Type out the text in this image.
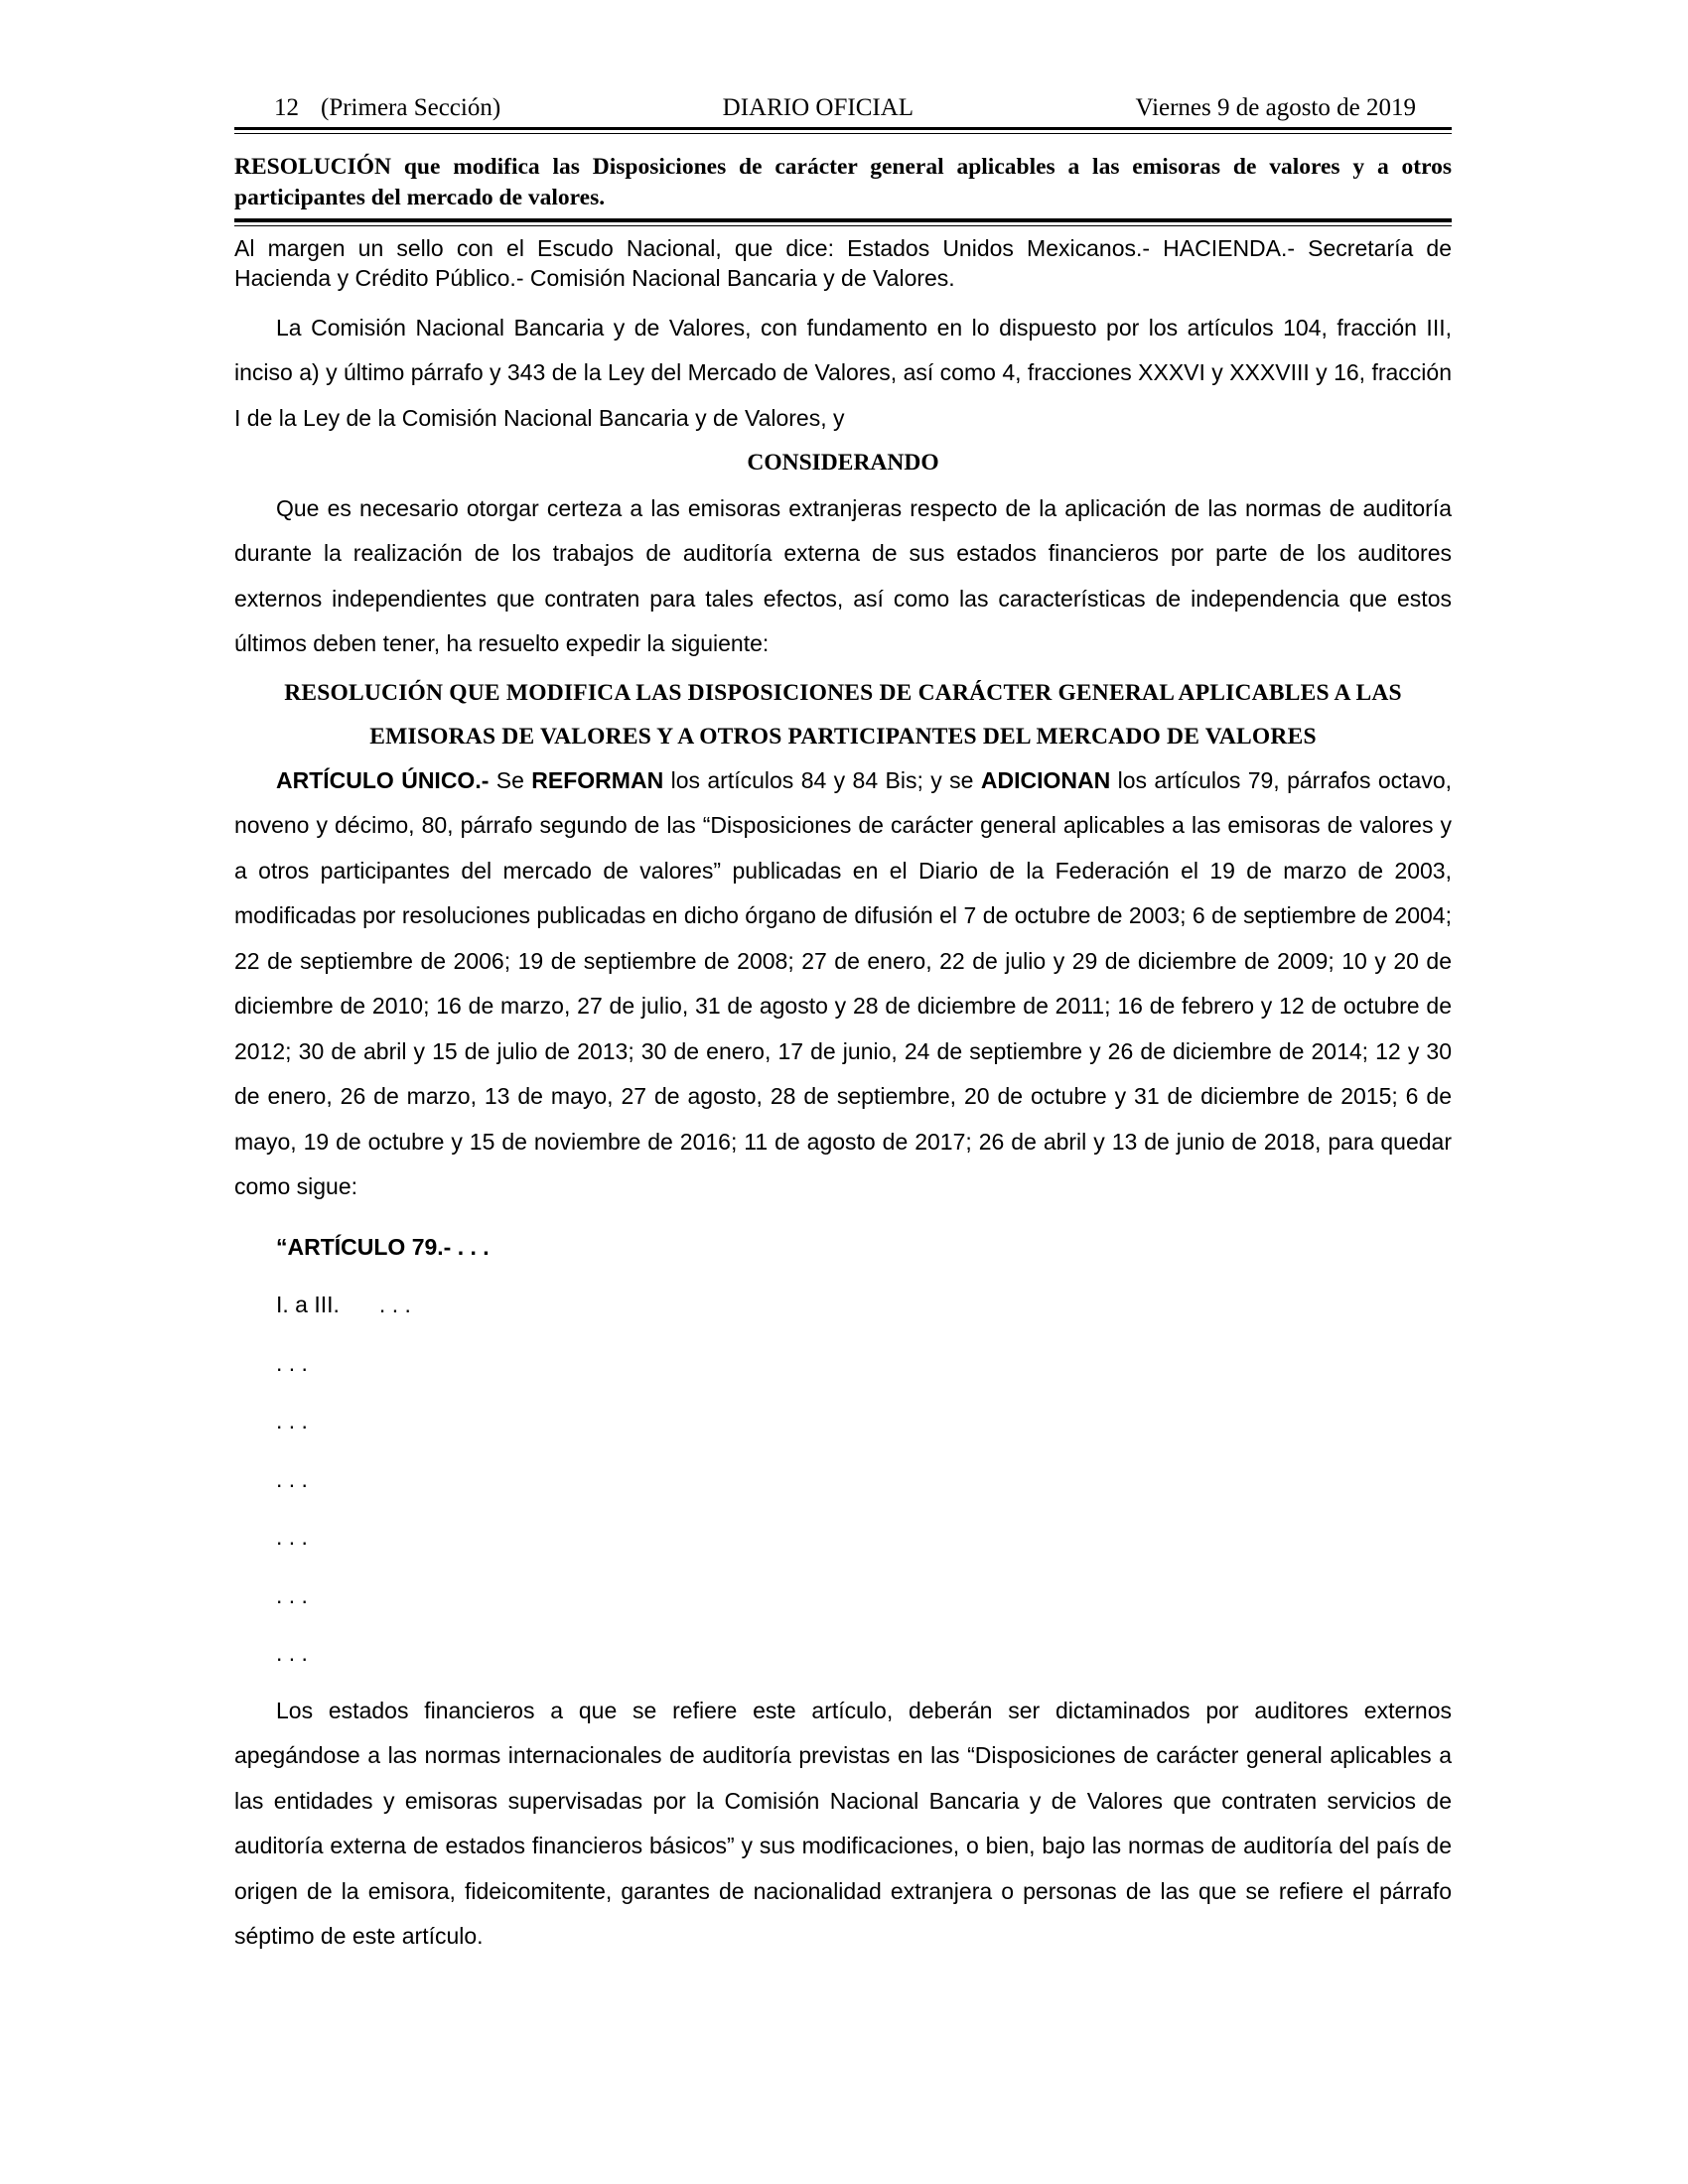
12 (Primera Sección)	DIARIO OFICIAL	Viernes 9 de agosto de 2019
RESOLUCIÓN que modifica las Disposiciones de carácter general aplicables a las emisoras de valores y a otros participantes del mercado de valores.
Al margen un sello con el Escudo Nacional, que dice: Estados Unidos Mexicanos.- HACIENDA.- Secretaría de Hacienda y Crédito Público.- Comisión Nacional Bancaria y de Valores.

La Comisión Nacional Bancaria y de Valores, con fundamento en lo dispuesto por los artículos 104, fracción III, inciso a) y último párrafo y 343 de la Ley del Mercado de Valores, así como 4, fracciones XXXVI y XXXVIII y 16, fracción I de la Ley de la Comisión Nacional Bancaria y de Valores, y

CONSIDERANDO

Que es necesario otorgar certeza a las emisoras extranjeras respecto de la aplicación de las normas de auditoría durante la realización de los trabajos de auditoría externa de sus estados financieros por parte de los auditores externos independientes que contraten para tales efectos, así como las características de independencia que estos últimos deben tener, ha resuelto expedir la siguiente:

RESOLUCIÓN QUE MODIFICA LAS DISPOSICIONES DE CARÁCTER GENERAL APLICABLES A LAS EMISORAS DE VALORES Y A OTROS PARTICIPANTES DEL MERCADO DE VALORES

ARTÍCULO ÚNICO.- Se REFORMAN los artículos 84 y 84 Bis; y se ADICIONAN los artículos 79, párrafos octavo, noveno y décimo, 80, párrafo segundo de las “Disposiciones de carácter general aplicables a las emisoras de valores y a otros participantes del mercado de valores” publicadas en el Diario de la Federación el 19 de marzo de 2003, modificadas por resoluciones publicadas en dicho órgano de difusión el 7 de octubre de 2003; 6 de septiembre de 2004; 22 de septiembre de 2006; 19 de septiembre de 2008; 27 de enero, 22 de julio y 29 de diciembre de 2009; 10 y 20 de diciembre de 2010; 16 de marzo, 27 de julio, 31 de agosto y 28 de diciembre de 2011; 16 de febrero y 12 de octubre de 2012; 30 de abril y 15 de julio de 2013; 30 de enero, 17 de junio, 24 de septiembre y 26 de diciembre de 2014; 12 y 30 de enero, 26 de marzo, 13 de mayo, 27 de agosto, 28 de septiembre, 20 de octubre y 31 de diciembre de 2015; 6 de mayo, 19 de octubre y 15 de noviembre de 2016; 11 de agosto de 2017; 26 de abril y 13 de junio de 2018, para quedar como sigue:

“ARTÍCULO 79.- . . .

I. a III. . . .

. . .

. . .

. . .

. . .

. . .

. . .

Los estados financieros a que se refiere este artículo, deberán ser dictaminados por auditores externos apegándose a las normas internacionales de auditoría previstas en las “Disposiciones de carácter general aplicables a las entidades y emisoras supervisadas por la Comisión Nacional Bancaria y de Valores que contraten servicios de auditoría externa de estados financieros básicos” y sus modificaciones, o bien, bajo las normas de auditoría del país de origen de la emisora, fideicomitente, garantes de nacionalidad extranjera o personas de las que se refiere el párrafo séptimo de este artículo.
